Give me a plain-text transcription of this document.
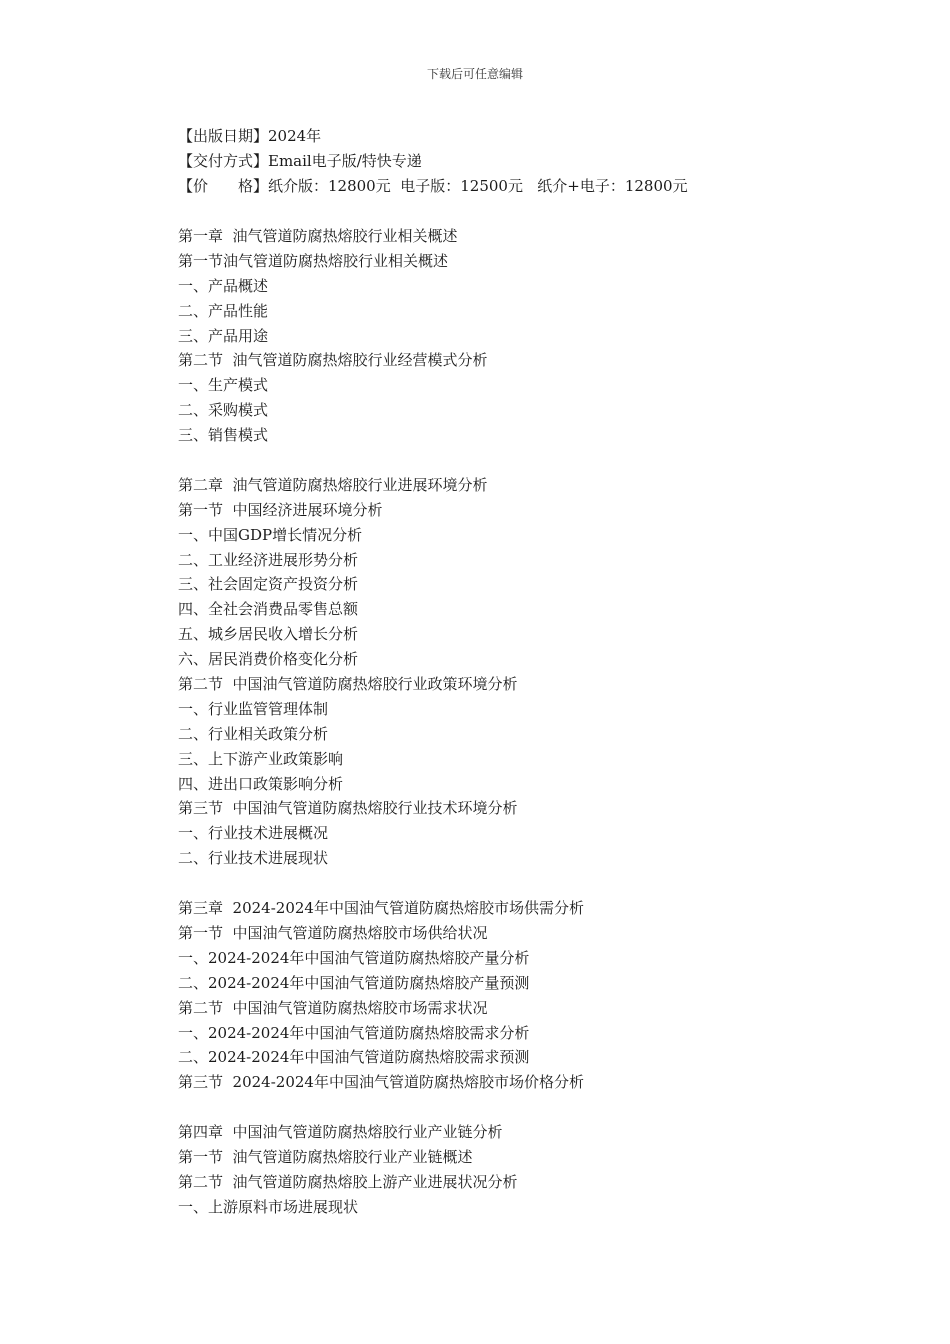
下载后可任意编辑
【出版日期】2024年
【交付方式】Email电子版/特快专递
【价　　格】纸介版：12800元  电子版：12500元   纸介+电子：12800元
第一章  油气管道防腐热熔胶行业相关概述
第一节油气管道防腐热熔胶行业相关概述
一、产品概述
二、产品性能
三、产品用途
第二节  油气管道防腐热熔胶行业经营模式分析
一、生产模式
二、采购模式
三、销售模式
第二章  油气管道防腐热熔胶行业进展环境分析
第一节  中国经济进展环境分析
一、中国GDP增长情况分析
二、工业经济进展形势分析
三、社会固定资产投资分析
四、全社会消费品零售总额
五、城乡居民收入增长分析
六、居民消费价格变化分析
第二节  中国油气管道防腐热熔胶行业政策环境分析
一、行业监管管理体制
二、行业相关政策分析
三、上下游产业政策影响
四、进出口政策影响分析
第三节  中国油气管道防腐热熔胶行业技术环境分析
一、行业技术进展概况
二、行业技术进展现状
第三章  2024-2024年中国油气管道防腐热熔胶市场供需分析
第一节  中国油气管道防腐热熔胶市场供给状况
一、2024-2024年中国油气管道防腐热熔胶产量分析
二、2024-2024年中国油气管道防腐热熔胶产量预测
第二节  中国油气管道防腐热熔胶市场需求状况
一、2024-2024年中国油气管道防腐热熔胶需求分析
二、2024-2024年中国油气管道防腐热熔胶需求预测
第三节  2024-2024年中国油气管道防腐热熔胶市场价格分析
第四章  中国油气管道防腐热熔胶行业产业链分析
第一节  油气管道防腐热熔胶行业产业链概述
第二节  油气管道防腐热熔胶上游产业进展状况分析
一、上游原料市场进展现状
